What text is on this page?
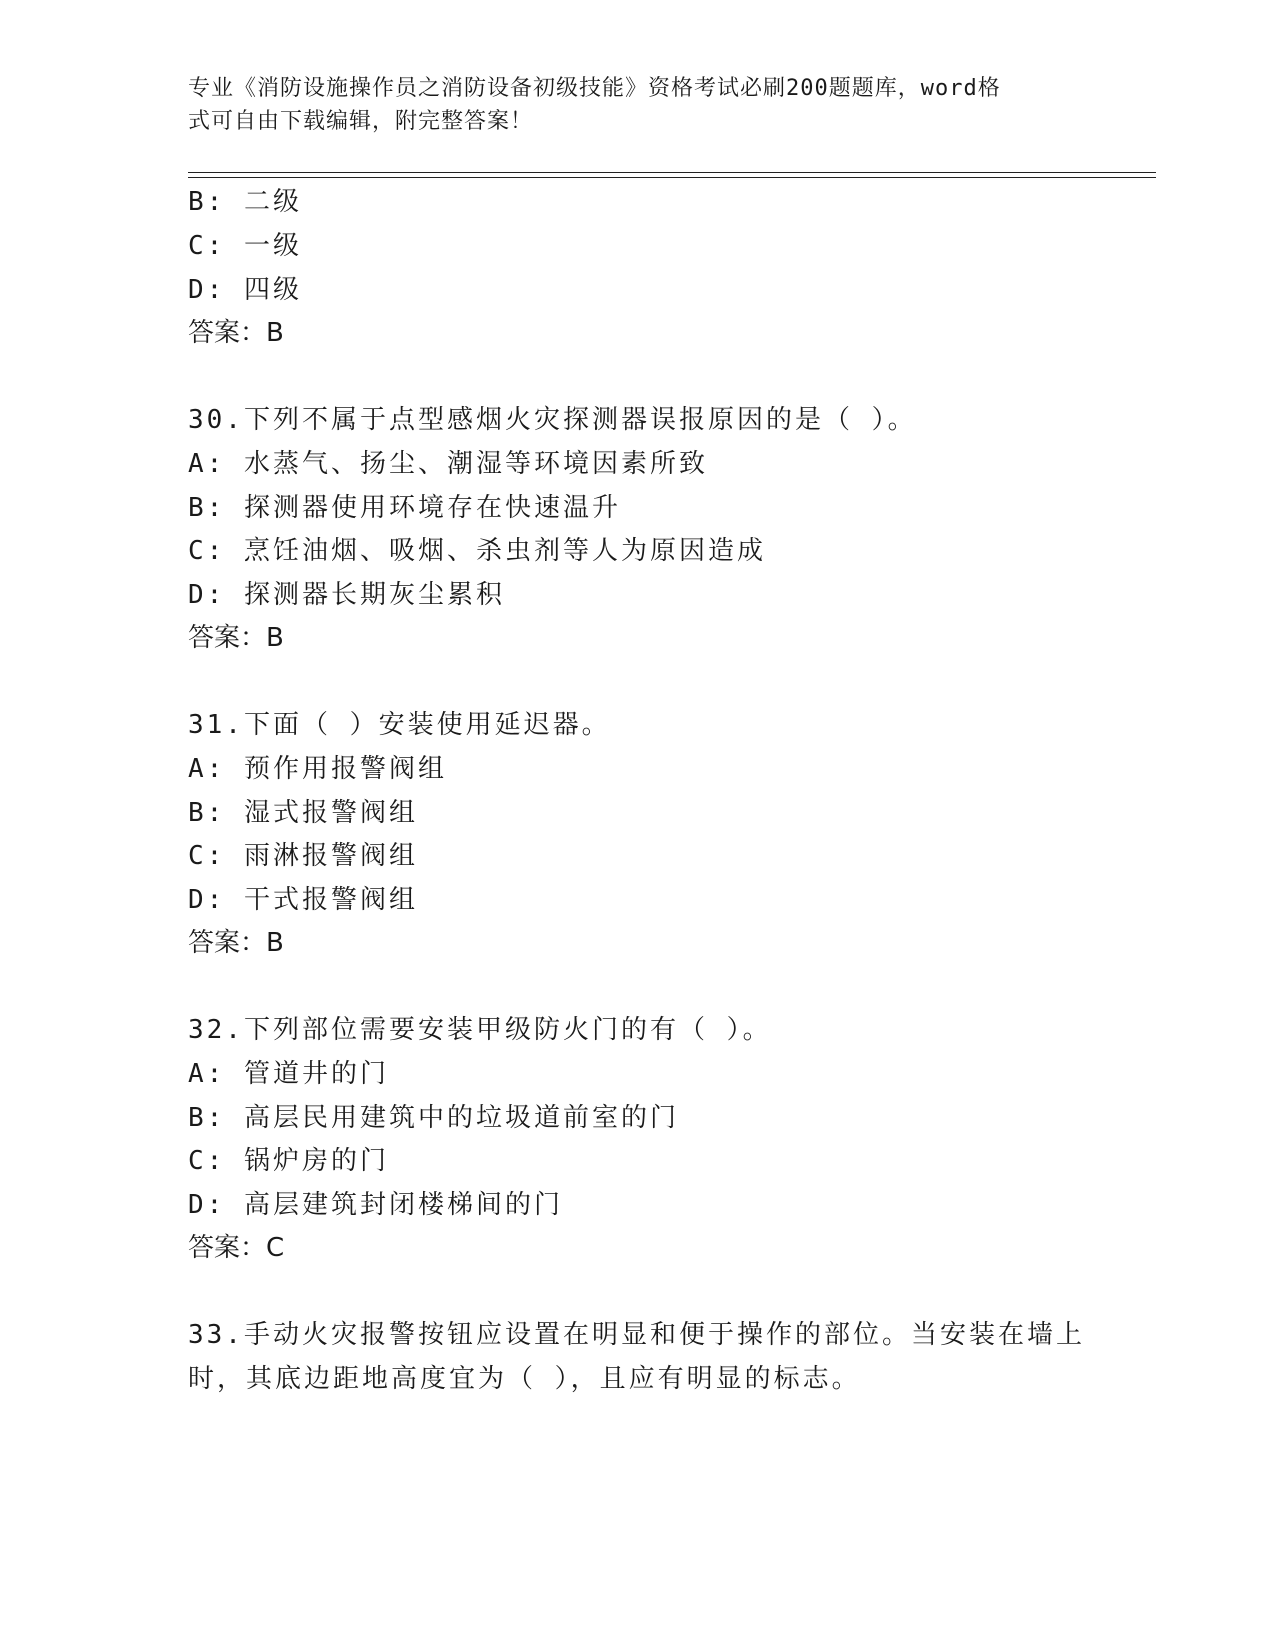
专业《消防设施操作员之消防设备初级技能》资格考试必刷200题题库，word格
式可自由下载编辑，附完整答案！
B: 二级
C: 一级
D: 四级
答案：B
30.下列不属于点型感烟火灾探测器误报原因的是（ ）。
A: 水蒸气、扬尘、潮湿等环境因素所致
B: 探测器使用环境存在快速温升
C: 烹饪油烟、吸烟、杀虫剂等人为原因造成
D: 探测器长期灰尘累积
答案：B
31.下面（ ）安装使用延迟器。
A: 预作用报警阀组
B: 湿式报警阀组
C: 雨淋报警阀组
D: 干式报警阀组
答案：B
32.下列部位需要安装甲级防火门的有（ ）。
A: 管道井的门
B: 高层民用建筑中的垃圾道前室的门
C: 锅炉房的门
D: 高层建筑封闭楼梯间的门
答案：C
33.手动火灾报警按钮应设置在明显和便于操作的部位。当安装在墙上
时，其底边距地高度宜为（ ），且应有明显的标志。
